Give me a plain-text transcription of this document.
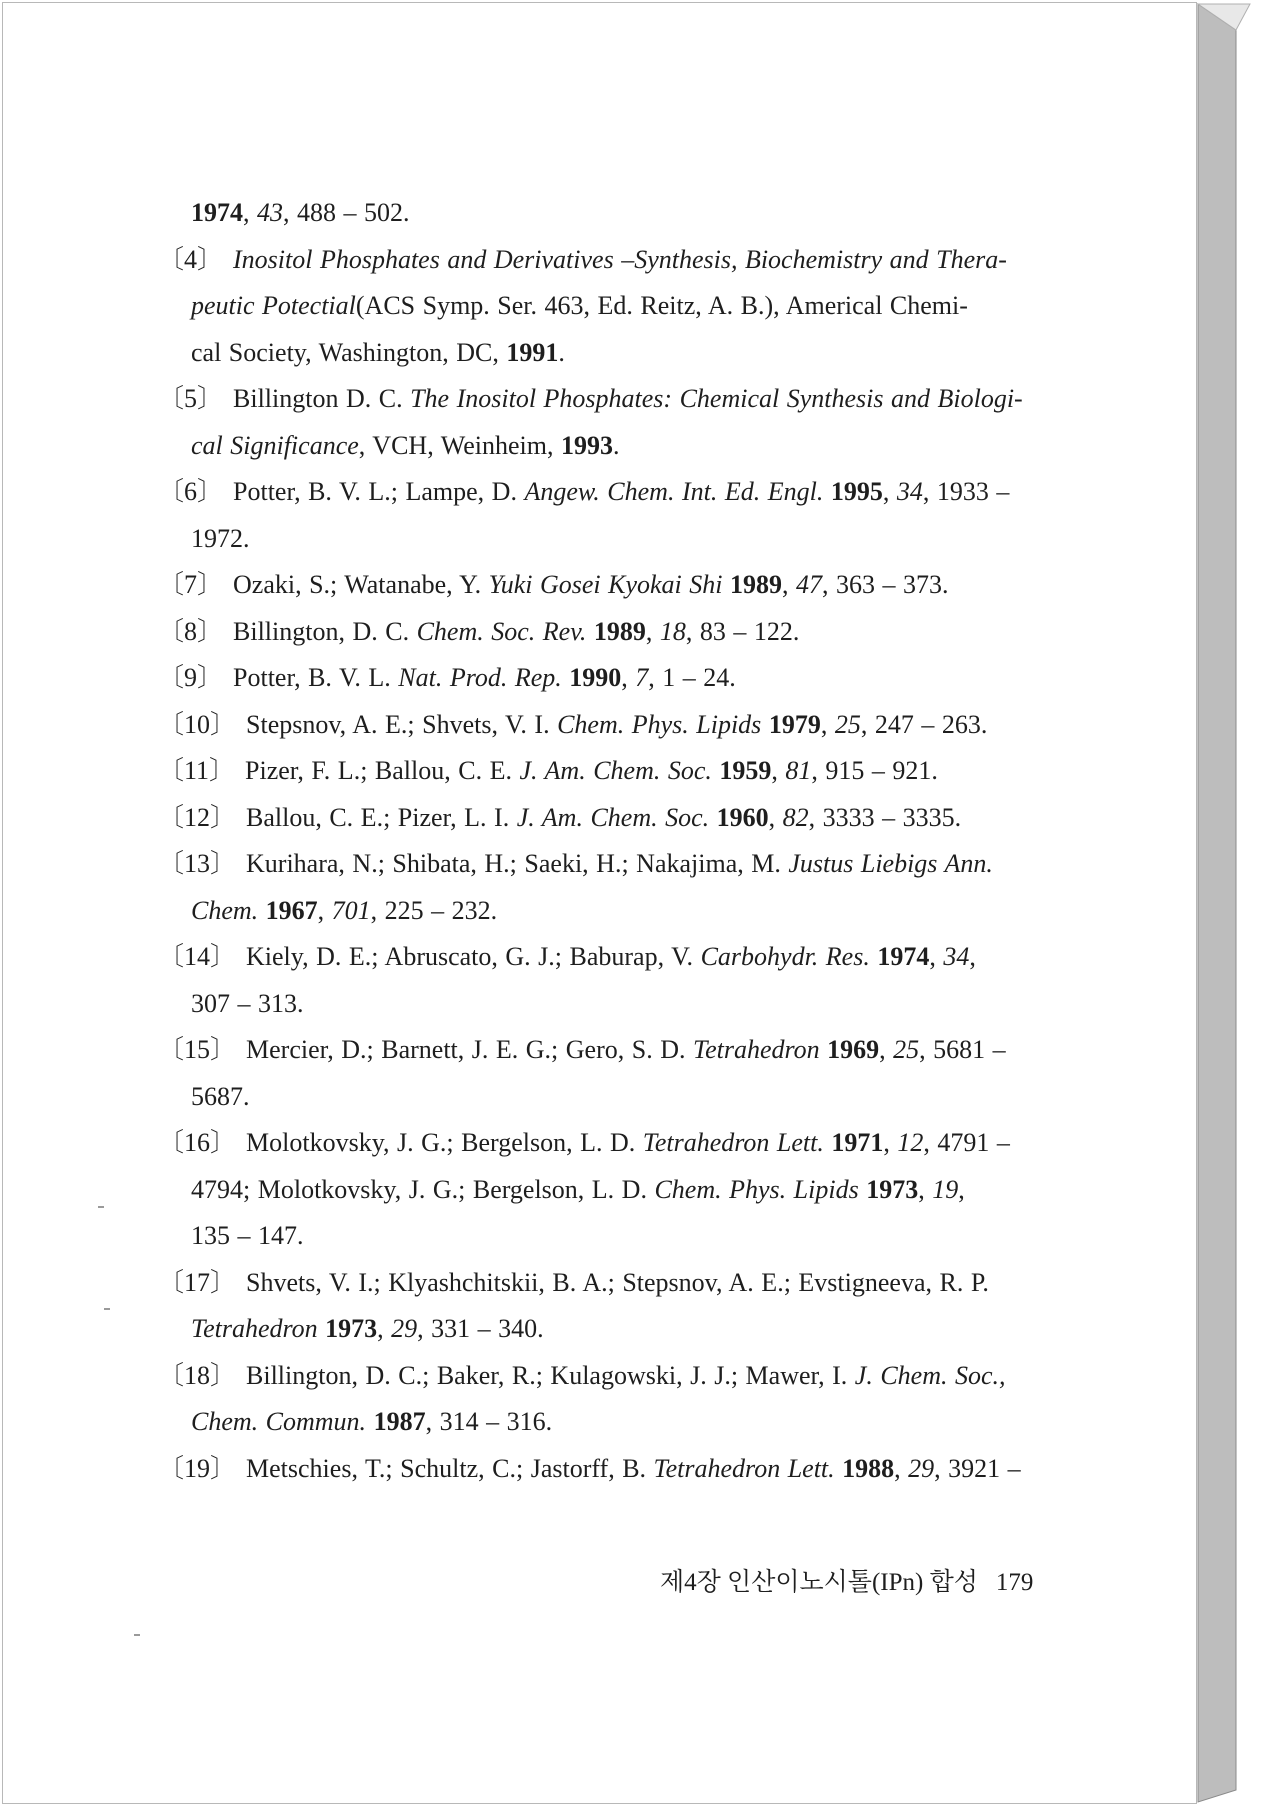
1974, 43, 488 – 502.
〔4〕 Inositol Phosphates and Derivatives –Synthesis, Biochemistry and Thera-
peutic Potectial(ACS Symp. Ser. 463, Ed. Reitz, A. B.), Americal Chemi-
cal Society, Washington, DC, 1991.
〔5〕 Billington D. C. The Inositol Phosphates: Chemical Synthesis and Biologi-
cal Significance, VCH, Weinheim, 1993.
〔6〕 Potter, B. V. L.; Lampe, D. Angew. Chem. Int. Ed. Engl. 1995, 34, 1933 –
1972.
〔7〕 Ozaki, S.; Watanabe, Y. Yuki Gosei Kyokai Shi 1989, 47, 363 – 373.
〔8〕 Billington, D. C. Chem. Soc. Rev. 1989, 18, 83 – 122.
〔9〕 Potter, B. V. L. Nat. Prod. Rep. 1990, 7, 1 – 24.
〔10〕 Stepsnov, A. E.; Shvets, V. I. Chem. Phys. Lipids 1979, 25, 247 – 263.
〔11〕 Pizer, F. L.; Ballou, C. E. J. Am. Chem. Soc. 1959, 81, 915 – 921.
〔12〕 Ballou, C. E.; Pizer, L. I. J. Am. Chem. Soc. 1960, 82, 3333 – 3335.
〔13〕 Kurihara, N.; Shibata, H.; Saeki, H.; Nakajima, M. Justus Liebigs Ann.
Chem. 1967, 701, 225 – 232.
〔14〕 Kiely, D. E.; Abruscato, G. J.; Baburap, V. Carbohydr. Res. 1974, 34,
307 – 313.
〔15〕 Mercier, D.; Barnett, J. E. G.; Gero, S. D. Tetrahedron 1969, 25, 5681 –
5687.
〔16〕 Molotkovsky, J. G.; Bergelson, L. D. Tetrahedron Lett. 1971, 12, 4791 –
4794; Molotkovsky, J. G.; Bergelson, L. D. Chem. Phys. Lipids 1973, 19,
135 – 147.
〔17〕 Shvets, V. I.; Klyashchitskii, B. A.; Stepsnov, A. E.; Evstigneeva, R. P.
Tetrahedron 1973, 29, 331 – 340.
〔18〕 Billington, D. C.; Baker, R.; Kulagowski, J. J.; Mawer, I. J. Chem. Soc.,
Chem. Commun. 1987, 314 – 316.
〔19〕 Metschies, T.; Schultz, C.; Jastorff, B. Tetrahedron Lett. 1988, 29, 3921 –
제4장 인산이노시톨(IPn) 합성 179
